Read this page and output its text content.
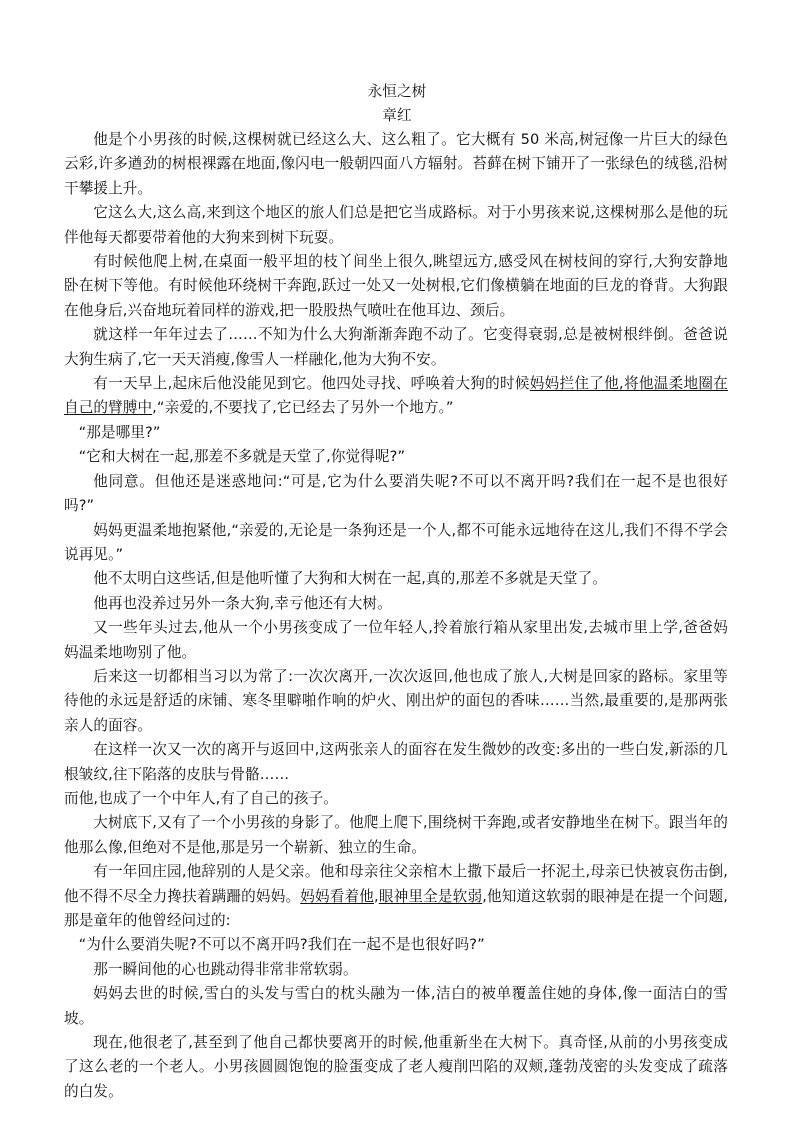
永恒之树
章红
他是个小男孩的时候,这棵树就已经这么大、这么粗了。它大概有 50 米高,树冠像一片巨大的绿色云彩,许多遒劲的树根裸露在地面,像闪电一般朝四面八方辐射。苔藓在树下铺开了一张绿色的绒毯,沿树干攀援上升。
它这么大,这么高,来到这个地区的旅人们总是把它当成路标。对于小男孩来说,这棵树那么是他的玩伴他每天都要带着他的大狗来到树下玩耍。
有时候他爬上树,在桌面一般平坦的枝丫间坐上很久,眺望远方,感受风在树枝间的穿行,大狗安静地卧在树下等他。有时候他环绕树干奔跑,跃过一处又一处树根,它们像横躺在地面的巨龙的脊背。大狗跟在他身后,兴奋地玩着同样的游戏,把一股股热气喷吐在他耳边、颈后。
就这样一年年过去了……不知为什么大狗渐渐奔跑不动了。它变得衰弱,总是被树根绊倒。爸爸说大狗生病了,它一天天消瘦,像雪人一样融化,他为大狗不安。
有一天早上,起床后他没能见到它。他四处寻找、呼唤着大狗的时候妈妈拦住了他,将他温柔地圈在自己的臂膊中,“亲爱的,不要找了,它已经去了另外一个地方。”
“那是哪里?”
“它和大树在一起,那差不多就是天堂了,你觉得呢?”
他同意。但他还是迷惑地问:“可是,它为什么要消失呢?不可以不离开吗?我们在一起不是也很好吗?”
妈妈更温柔地抱紧他,“亲爱的,无论是一条狗还是一个人,都不可能永远地待在这儿,我们不得不学会说再见。”
他不太明白这些话,但是他听懂了大狗和大树在一起,真的,那差不多就是天堂了。
他再也没养过另外一条大狗,幸亏他还有大树。
又一些年头过去,他从一个小男孩变成了一位年轻人,拎着旅行箱从家里出发,去城市里上学,爸爸妈妈温柔地吻别了他。
后来这一切都相当习以为常了:一次次离开,一次次返回,他也成了旅人,大树是回家的路标。家里等待他的永远是舒适的床铺、寒冬里噼啪作响的炉火、刚出炉的面包的香味……当然,最重要的,是那两张亲人的面容。
在这样一次又一次的离开与返回中,这两张亲人的面容在发生微妙的改变:多出的一些白发,新添的几根皱纹,往下陷落的皮肤与骨骼……
而他,也成了一个中年人,有了自己的孩子。
大树底下,又有了一个小男孩的身影了。他爬上爬下,围绕树干奔跑,或者安静地坐在树下。跟当年的他那么像,但绝对不是他,那是另一个崭新、独立的生命。
有一年回庄园,他辞别的人是父亲。他和母亲往父亲棺木上撒下最后一抔泥土,母亲已快被哀伤击倒,他不得不尽全力搀扶着蹒跚的妈妈。妈妈看着他,眼神里全是软弱,他知道这软弱的眼神是在提一个问题,那是童年的他曾经问过的:
“为什么要消失呢?不可以不离开吗?我们在一起不是也很好吗?”
那一瞬间他的心也跳动得非常非常软弱。
妈妈去世的时候,雪白的头发与雪白的枕头融为一体,洁白的被单覆盖住她的身体,像一面洁白的雪坡。
现在,他很老了,甚至到了他自己都快要离开的时候,他重新坐在大树下。真奇怪,从前的小男孩变成了这么老的一个老人。小男孩圆圆饱饱的脸蛋变成了老人瘦削凹陷的双颊,蓬勃茂密的头发变成了疏落的白发。
